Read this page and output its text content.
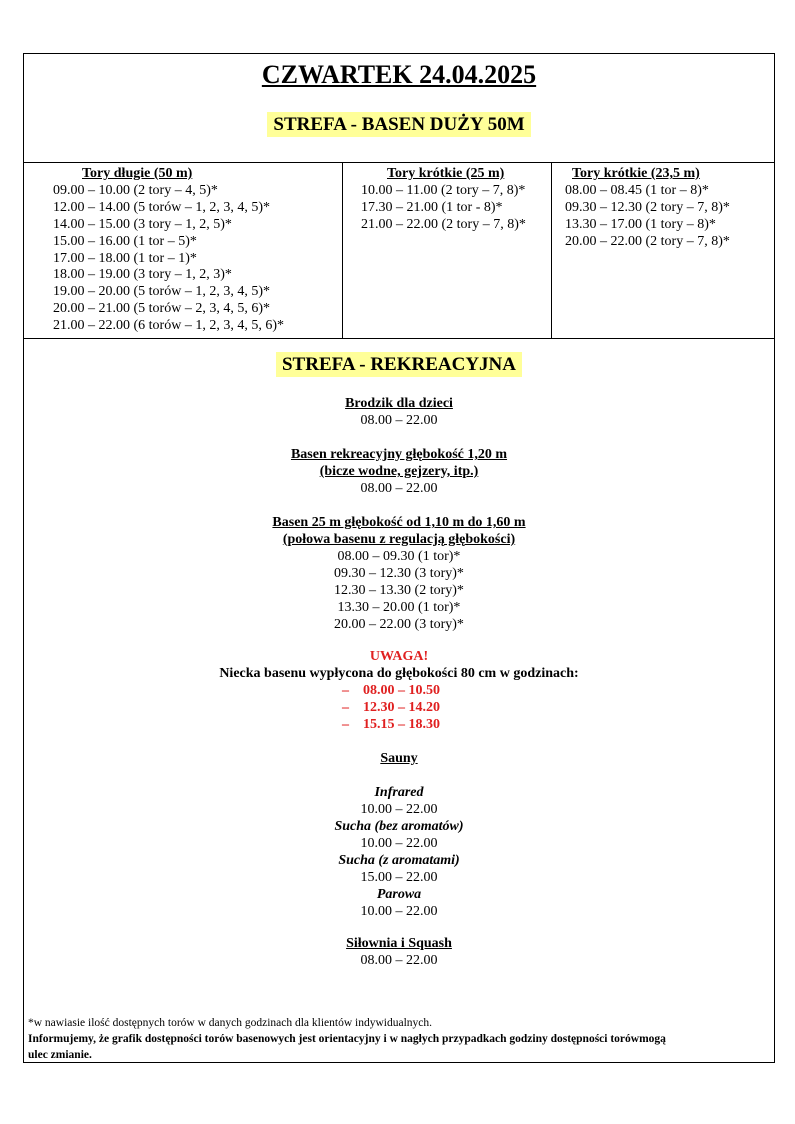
CZWARTEK 24.04.2025
STREFA - BASEN DUŻY 50M
Tory długie (50 m)
09.00 – 10.00 (2 tory – 4, 5)*
12.00 – 14.00 (5 torów – 1, 2, 3, 4, 5)*
14.00 – 15.00 (3 tory – 1, 2, 5)*
15.00 – 16.00 (1 tor – 5)*
17.00 – 18.00 (1 tor – 1)*
18.00 – 19.00 (3 tory – 1, 2, 3)*
19.00 – 20.00 (5 torów – 1, 2, 3, 4, 5)*
20.00 – 21.00 (5 torów – 2, 3, 4, 5, 6)*
21.00 – 22.00 (6 torów – 1, 2, 3, 4, 5, 6)*
Tory krótkie (25 m)
10.00 – 11.00 (2 tory – 7, 8)*
17.30 – 21.00 (1 tor - 8)*
21.00 – 22.00 (2 tory – 7, 8)*
Tory krótkie (23,5 m)
08.00 – 08.45 (1 tor – 8)*
09.30 – 12.30 (2 tory – 7, 8)*
13.30 – 17.00 (1 tory – 8)*
20.00 – 22.00 (2 tory – 7, 8)*
STREFA - REKREACYJNA
Brodzik dla dzieci
08.00 – 22.00
Basen rekreacyjny głębokość 1,20 m
(bicze wodne, gejzery, itp.)
08.00 – 22.00
Basen 25 m głębokość od 1,10 m do 1,60 m
(połowa basenu z regulacją głębokości)
08.00 – 09.30 (1 tor)*
09.30 – 12.30 (3 tory)*
12.30 – 13.30 (2 tory)*
13.30 – 20.00 (1 tor)*
20.00 – 22.00 (3 tory)*
UWAGA!
Niecka basenu wypłycona do głębokości 80 cm w godzinach:
–    08.00 – 10.50
–    12.30 – 14.20
–    15.15 – 18.30
Sauny
Infrared
10.00 – 22.00
Sucha (bez aromatów)
10.00 – 22.00
Sucha (z aromatami)
15.00 – 22.00
Parowa
10.00 – 22.00
Siłownia i Squash
08.00 – 22.00
*w nawiasie ilość dostępnych torów w danych godzinach dla klientów indywidualnych.
Informujemy, że grafik dostępności torów basenowych jest orientacyjny i w nagłych przypadkach godziny dostępności torówmogą
ulec zmianie.
